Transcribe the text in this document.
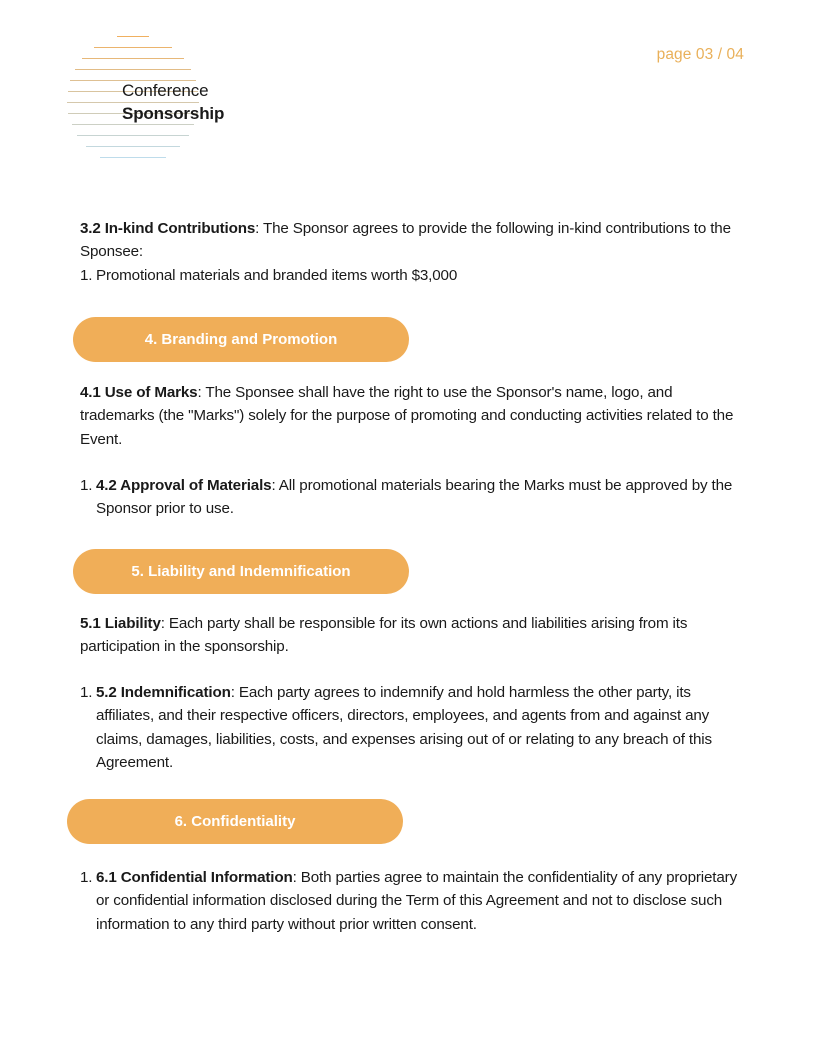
Conference
Sponsorship
page 03 / 04
3.2 In-kind Contributions: The Sponsor agrees to provide the following in-kind contributions to the Sponsee:
1. Promotional materials and branded items worth $3,000
4. Branding and Promotion
4.1 Use of Marks: The Sponsee shall have the right to use the Sponsor's name, logo, and trademarks (the "Marks") solely for the purpose of promoting and conducting activities related to the Event.
1. 4.2 Approval of Materials: All promotional materials bearing the Marks must be approved by the Sponsor prior to use.
5. Liability and Indemnification
5.1 Liability: Each party shall be responsible for its own actions and liabilities arising from its participation in the sponsorship.
1. 5.2 Indemnification: Each party agrees to indemnify and hold harmless the other party, its affiliates, and their respective officers, directors, employees, and agents from and against any claims, damages, liabilities, costs, and expenses arising out of or relating to any breach of this Agreement.
6. Confidentiality
1. 6.1 Confidential Information: Both parties agree to maintain the confidentiality of any proprietary or confidential information disclosed during the Term of this Agreement and not to disclose such information to any third party without prior written consent.
